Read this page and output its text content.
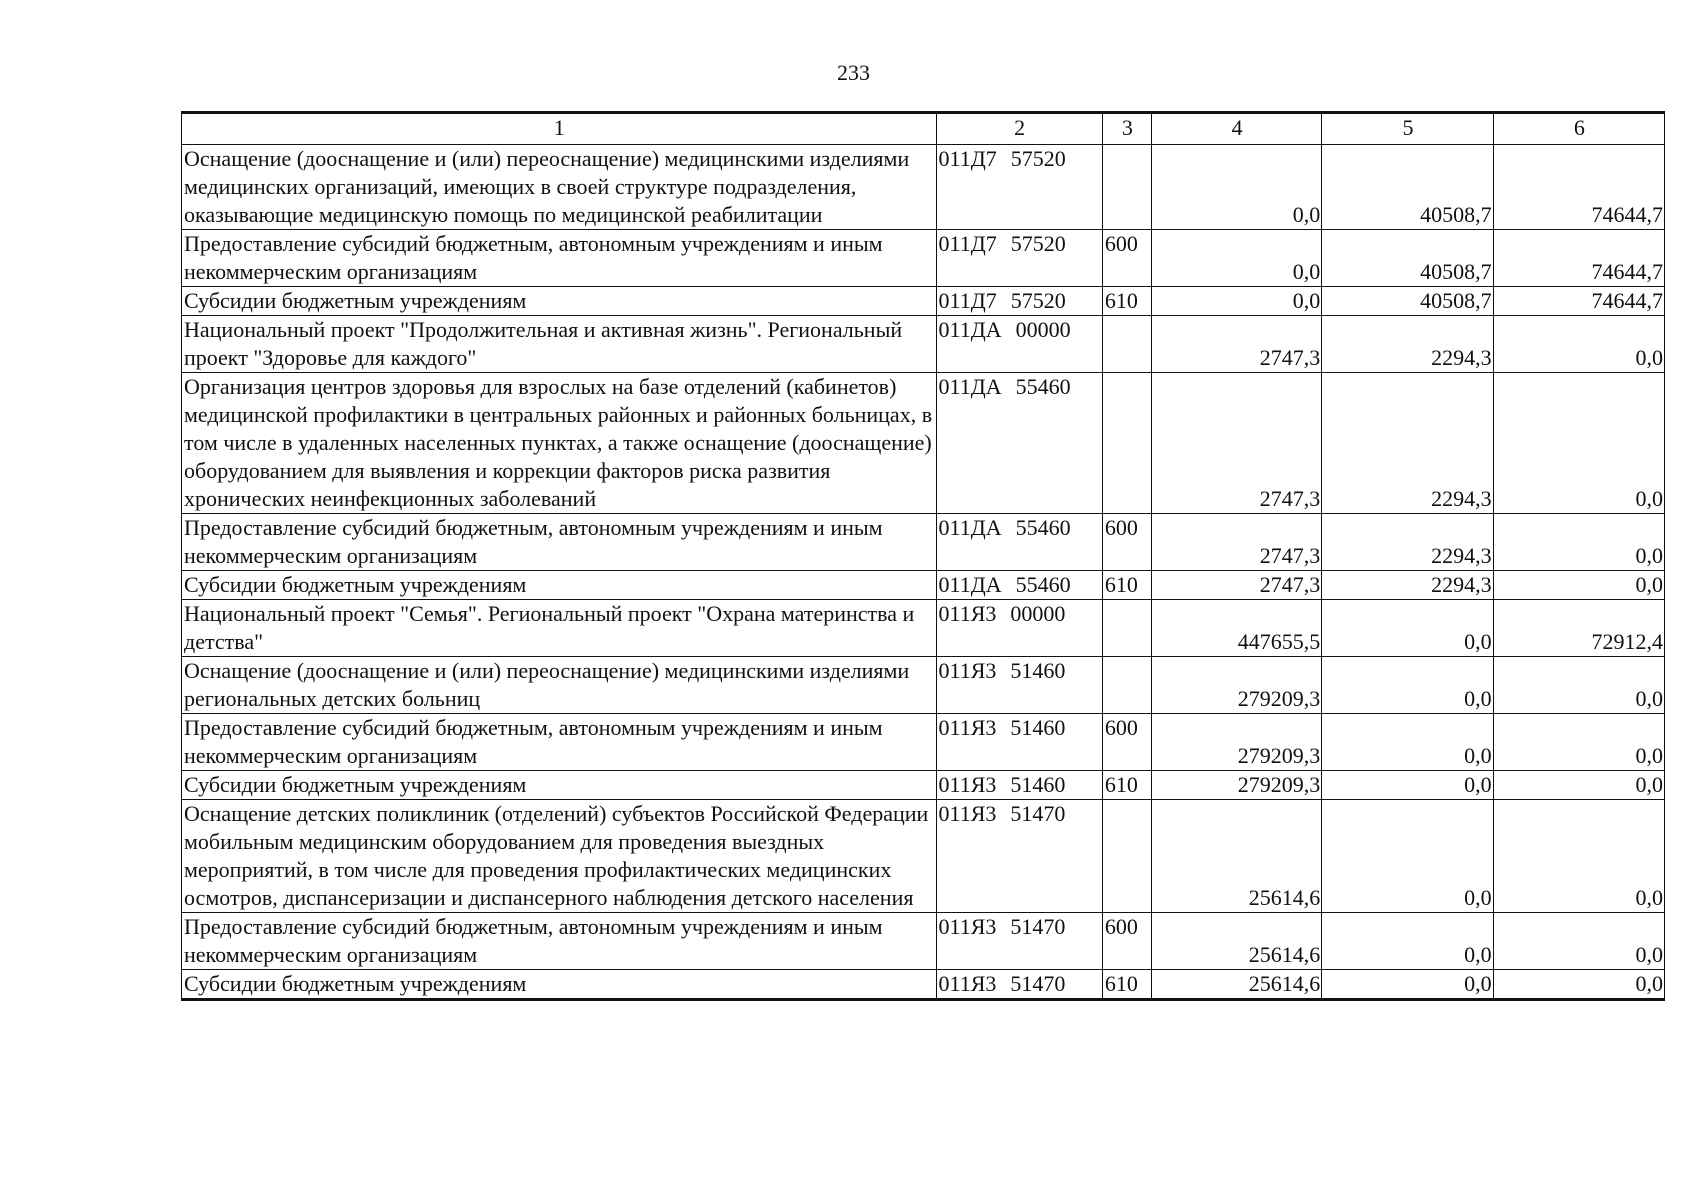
233
1	2	3	4	5	6
Оснащение (дооснащение и (или) переоснащение) медицинскими изделиями медицинских организаций, имеющих в своей структуре подразделения, оказывающие медицинскую помощь по медицинской реабилитации	011Д7 57520		0,0	40508,7	74644,7
Предоставление субсидий бюджетным, автономным учреждениям и иным некоммерческим организациям	011Д7 57520	600	0,0	40508,7	74644,7
Субсидии бюджетным учреждениям	011Д7 57520	610	0,0	40508,7	74644,7
Национальный проект "Продолжительная и активная жизнь". Региональный проект "Здоровье для каждого"	011ДА 00000		2747,3	2294,3	0,0
Организация центров здоровья для взрослых на базе отделений (кабинетов) медицинской профилактики в центральных районных и районных больницах, в том числе в удаленных населенных пунктах, а также оснащение (дооснащение) оборудованием для выявления и коррекции факторов риска развития хронических неинфекционных заболеваний	011ДА 55460		2747,3	2294,3	0,0
Предоставление субсидий бюджетным, автономным учреждениям и иным некоммерческим организациям	011ДА 55460	600	2747,3	2294,3	0,0
Субсидии бюджетным учреждениям	011ДА 55460	610	2747,3	2294,3	0,0
Национальный проект "Семья". Региональный проект "Охрана материнства и детства"	011Я3 00000		447655,5	0,0	72912,4
Оснащение (дооснащение и (или) переоснащение) медицинскими изделиями региональных детских больниц	011Я3 51460		279209,3	0,0	0,0
Предоставление субсидий бюджетным, автономным учреждениям и иным некоммерческим организациям	011Я3 51460	600	279209,3	0,0	0,0
Субсидии бюджетным учреждениям	011Я3 51460	610	279209,3	0,0	0,0
Оснащение детских поликлиник (отделений) субъектов Российской Федерации мобильным медицинским оборудованием для проведения выездных мероприятий, в том числе для проведения профилактических медицинских осмотров, диспансеризации и диспансерного наблюдения детского населения	011Я3 51470		25614,6	0,0	0,0
Предоставление субсидий бюджетным, автономным учреждениям и иным некоммерческим организациям	011Я3 51470	600	25614,6	0,0	0,0
Субсидии бюджетным учреждениям	011Я3 51470	610	25614,6	0,0	0,0
